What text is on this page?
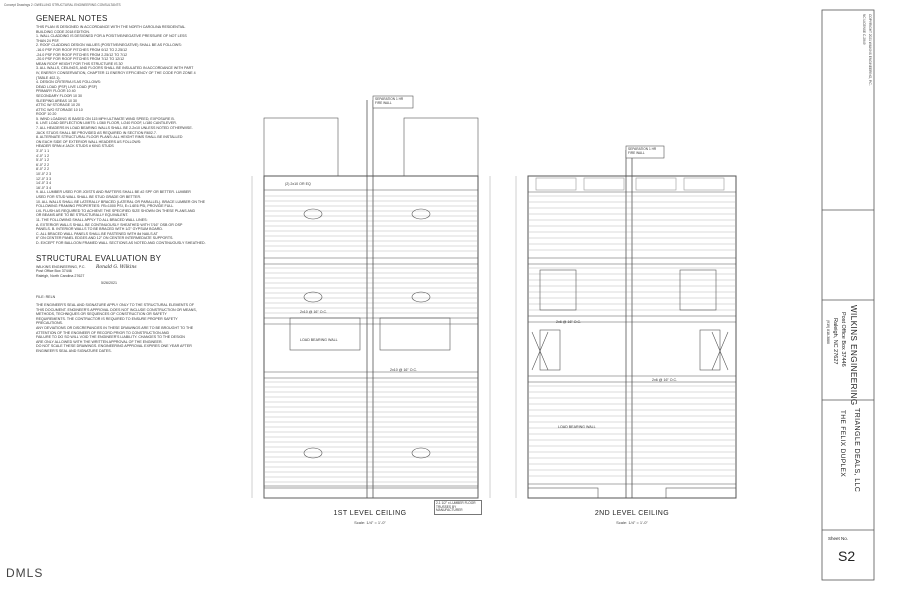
Concept Drawings 2: DWELLING STRUCTURAL ENGINEERING CONSULTANTS
GENERAL NOTES
THIS PLAN IS DESIGNED IN ACCORDANCE WITH THE NORTH CAROLINA RESIDENTIAL
BUILDING CODE 2018 EDITION.
1. WALL CLADDING IS DESIGNED FOR A POSITIVE/NEGATIVE PRESSURE OF NOT LESS
THAN 24 PSF.
2. ROOF CLADDING DESIGN VALUES (POSITIVE/NEGATIVE) SHALL BE AS FOLLOWS:
-16.0 PSF FOR ROOF PITCHES FROM 0/12 TO 2.25/12
-24.0 PSF FOR ROOF PITCHES FROM 2.25/12 TO 7/12
-20.0 PSF FOR ROOF PITCHES FROM 7/12 TO 12/12
MEAN ROOF HEIGHT FOR THIS STRUCTURE IS 30'
3. ALL WALLS, CEILINGS, AND FLOORS SHALL BE INSULATED IN ACCORDANCE WITH PART
IV, ENERGY CONSERVATION, CHAPTER 11 ENERGY EFFICIENCY OF THE CODE FOR ZONE 4
(TABLE 402.1).
4. DESIGN CRITERIA IS AS FOLLOWS:
DEAD LOAD (PSF) LIVE LOAD (PSF)
PRIMARY FLOOR 10 40
SECONDARY FLOOR 10 30
SLEEPING AREAS 10 30
ATTIC W/ STORAGE 10 20
ATTIC W/O STORAGE 10 10
ROOF 10 20
5. WIND LOADING IS BASED ON 115 MPH ULTIMATE WIND SPEED, EXPOSURE B.
6. LIVE LOAD DEFLECTION LIMITS: L/360 FLOOR, L/240 ROOF, L/180 CANTILEVER.
7. ALL HEADERS IN LOAD BEARING WALLS SHALL BE 2-2x10 UNLESS NOTED OTHERWISE.
JACK STUDS SHALL BE PROVIDED AS REQUIRED IN SECTION R602.7.
8. ALTERNATE STRUCTURAL FLOOR PLANS: ALL HEIGHT RIMS SHALL BE INSTALLED
ON EACH SIDE OF EXTERIOR WALL HEADERS AS FOLLOWS:
HEADER SPAN # JACK STUDS # KING STUDS
3'-0" 1 1
4'-0" 1 2
5'-0" 1 2
6'-0" 2 2
8'-0" 2 2
10'-0" 2 3
12'-0" 3 3
14'-0" 3 4
16'-0" 3 4
9. ALL LUMBER USED FOR JOISTS AND RAFTERS SHALL BE #2 SPF OR BETTER. LUMBER
USED FOR STUD WALL SHALL BE STUD GRADE OR BETTER.
10. ALL WALLS SHALL BE LATERALLY BRACED (LATERAL OR PARALLEL). BRACE LUMBER ON THE
FOLLOWING FRAMING PROPERTIES: FB=1000 PSI, E=1.6E6 PSI, PROVIDE FULL
LVL FLUSH AS REQUIRED TO ACHIEVE THE SPECIFIED SIZE SHOWN ON THESE PLANS AND
OR BEAMS ARE TO BE STRUCTURALLY EQUIVALENT.
11. THE FOLLOWING SHALL APPLY TO ALL BRACED WALL LINES:
A. EXTERIOR WALLS SHALL BE CONTINUOUSLY SHEATHED WITH 7/16" OSB OR OSP
PANELS. B. INTERIOR WALLS TO BE BRACED WITH 1/2" GYPSUM BOARD.
C. ALL BRACED WALL PANELS SHALL BE FASTENED WITH 8d NAILS AT
6" ON CENTER PANEL EDGES AND 12" ON CENTER INTERMEDIATE SUPPORTS.
D. EXCEPT FOR BALLOON FRAMED WALL SECTIONS AS NOTED AND CONTINUOUSLY SHEATHED.
STRUCTURAL EVALUATION BY
WILKINS ENGINEERING, P.C.
Post Office Box 37446
Raleigh, North Carolina 27627
Ronald G. Wilkins
5/26/2021
FILE: RELN
THE ENGINEER'S SEAL AND SIGNATURE APPLY ONLY TO THE STRUCTURAL ELEMENTS OF
THIS DOCUMENT. ENGINEER'S APPROVAL DOES NOT INCLUDE CONSTRUCTION OR MEANS,
METHODS, TECHNIQUES OR SEQUENCES OF CONSTRUCTION OR SAFETY
REQUIREMENTS. THE CONTRACTOR IS REQUIRED TO ENSURE PROPER SAFETY
PRECAUTIONS.
ANY DEVIATIONS OR DISCREPANCIES IN THESE DRAWINGS ARE TO BE BROUGHT TO THE
ATTENTION OF THE ENGINEER OF RECORD PRIOR TO CONSTRUCTION AND
FAILURE TO DO SO WILL VOID THE ENGINEER'S LIABILITY. CHANGES TO THE DESIGN
ARE ONLY ALLOWED WITH THE WRITTEN APPROVAL OF THE ENGINEER.
DO NOT SCALE THESE DRAWINGS. ENGINEERING APPROVAL EXPIRES ONE YEAR AFTER
ENGINEER'S SEAL AND SIGNATURE DATES.
SEPARATION 1 HR FIRE WALL
SEPARATION 1 HR FIRE WALL
(2) 2x10 OR EQ
2x10 @ 16" O.C.
2x10 @ 16" O.C.
LOAD BEARING WALL
2-1 1/2" x LUMBER FLOOR TRUSSES BY MANUFACTURER
2x6 @ 16" O.C.
2x6 @ 16" O.C.
LOAD BEARING WALL
1ST LEVEL CEILING
Scale: 1/4" = 1'-0"
2ND LEVEL CEILING
Scale: 1/4" = 1'-0"
COPYRIGHT 2021 WILKINS ENGINEERING, P.C.
NC LICENSE C-2849
WILKINS ENGINEERING
Post Office Box 37446
Raleigh, NC 27627
(919) 818-3880
TRIANGLE DEALS, LLC
THE FELIX DUPLEX
Sheet No.
S2
DMLS
